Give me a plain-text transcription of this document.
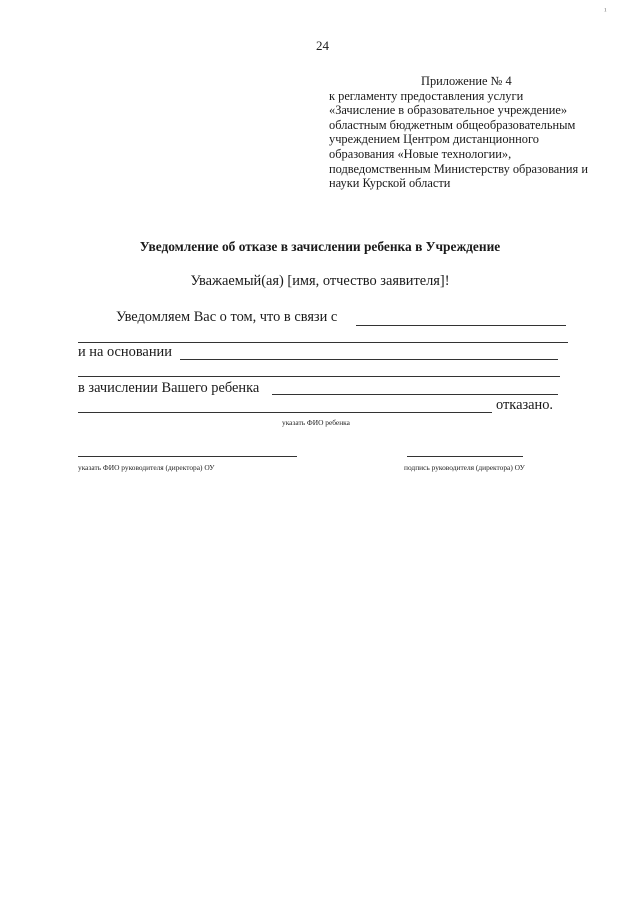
¹
24
Приложение № 4
к регламенту предоставления услуги
«Зачисление в образовательное учреждение»
областным бюджетным общеобразовательным
учреждением Центром дистанционного
образования «Новые технологии»,
подведомственным Министерству образования и
науки Курской области
Уведомление об отказе в зачислении ребенка в Учреждение
Уважаемый(ая) [имя, отчество заявителя]!
Уведомляем Вас о том, что в связи с
и на основании
в зачислении Вашего ребенка
отказано.
указать ФИО ребенка
указать ФИО руководителя (директора) ОУ	подпись руководителя (директора) ОУ
